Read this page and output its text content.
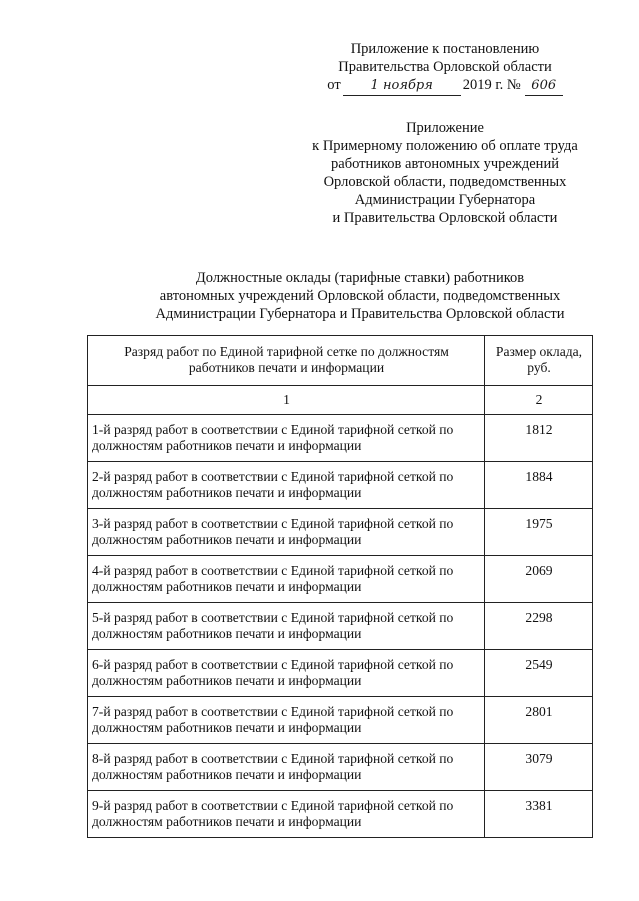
Приложение к постановлению
Правительства Орловской области
от	1 ноября	2019 г. № 606
Приложение
к Примерному положению об оплате труда
работников автономных учреждений
Орловской области, подведомственных
Администрации Губернатора
и Правительства Орловской области
Должностные оклады (тарифные ставки) работников
автономных учреждений Орловской области, подведомственных
Администрации Губернатора и Правительства Орловской области
Разряд работ по Единой тарифной сетке по должностям работников печати и информации	Размер оклада, руб.
1	2
1-й разряд работ в соответствии с Единой тарифной сеткой по должностям работников печати и информации	1812
2-й разряд работ в соответствии с Единой тарифной сеткой по должностям работников печати и информации	1884
3-й разряд работ в соответствии с Единой тарифной сеткой по должностям работников печати и информации	1975
4-й разряд работ в соответствии с Единой тарифной сеткой по должностям работников печати и информации	2069
5-й разряд работ в соответствии с Единой тарифной сеткой по должностям работников печати и информации	2298
6-й разряд работ в соответствии с Единой тарифной сеткой по должностям работников печати и информации	2549
7-й разряд работ в соответствии с Единой тарифной сеткой по должностям работников печати и информации	2801
8-й разряд работ в соответствии с Единой тарифной сеткой по должностям работников печати и информации	3079
9-й разряд работ в соответствии с Единой тарифной сеткой по должностям работников печати и информации	3381
